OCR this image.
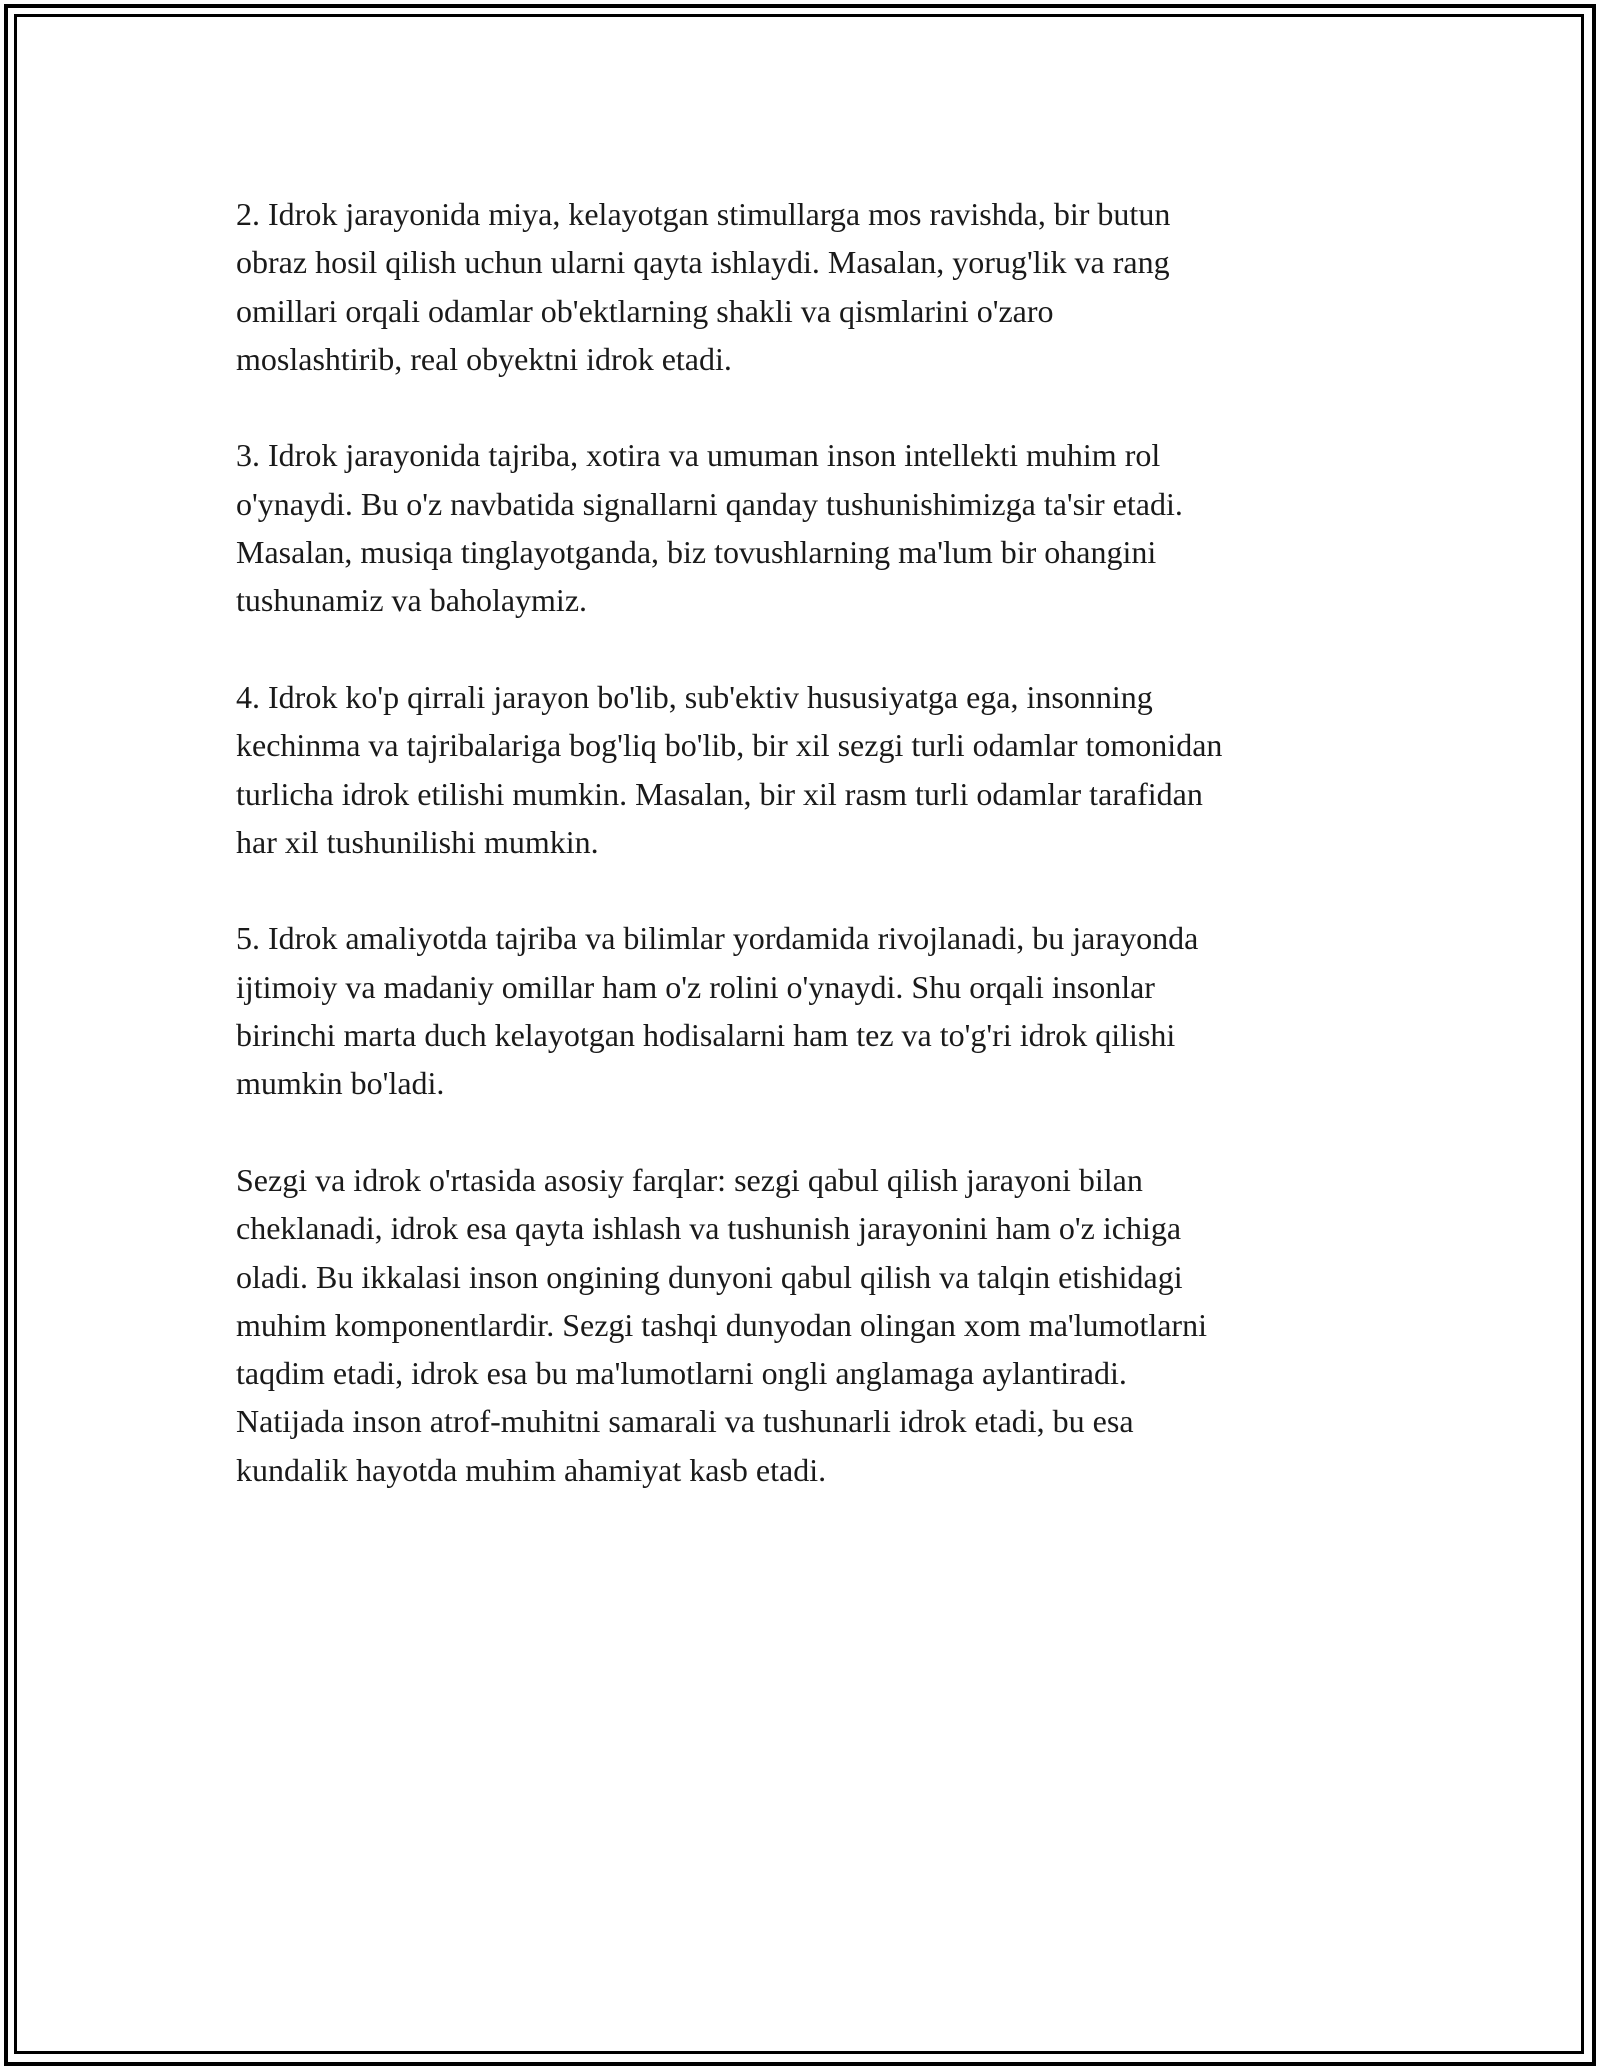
2. Idrok jarayonida miya, kelayotgan stimullarga mos ravishda, bir butun
obraz hosil qilish uchun ularni qayta ishlaydi. Masalan, yorug'lik va rang
omillari orqali odamlar ob'ektlarning shakli va qismlarini o'zaro
moslashtirib, real obyektni idrok etadi.

3. Idrok jarayonida tajriba, xotira va umuman inson intellekti muhim rol
o'ynaydi. Bu o'z navbatida signallarni qanday tushunishimizga ta'sir etadi.
Masalan, musiqa tinglayotganda, biz tovushlarning ma'lum bir ohangini
tushunamiz va baholaymiz.

4. Idrok ko'p qirrali jarayon bo'lib, sub'ektiv hususiyatga ega, insonning
kechinma va tajribalariga bog'liq bo'lib, bir xil sezgi turli odamlar tomonidan
turlicha idrok etilishi mumkin. Masalan, bir xil rasm turli odamlar tarafidan
har xil tushunilishi mumkin.

5. Idrok amaliyotda tajriba va bilimlar yordamida rivojlanadi, bu jarayonda
ijtimoiy va madaniy omillar ham o'z rolini o'ynaydi. Shu orqali insonlar
birinchi marta duch kelayotgan hodisalarni ham tez va to'g'ri idrok qilishi
mumkin bo'ladi.

Sezgi va idrok o'rtasida asosiy farqlar: sezgi qabul qilish jarayoni bilan
cheklanadi, idrok esa qayta ishlash va tushunish jarayonini ham o'z ichiga
oladi. Bu ikkalasi inson ongining dunyoni qabul qilish va talqin etishidagi
muhim komponentlardir. Sezgi tashqi dunyodan olingan xom ma'lumotlarni
taqdim etadi, idrok esa bu ma'lumotlarni ongli anglamaga aylantiradi.
Natijada inson atrof-muhitni samarali va tushunarli idrok etadi, bu esa
kundalik hayotda muhim ahamiyat kasb etadi.
